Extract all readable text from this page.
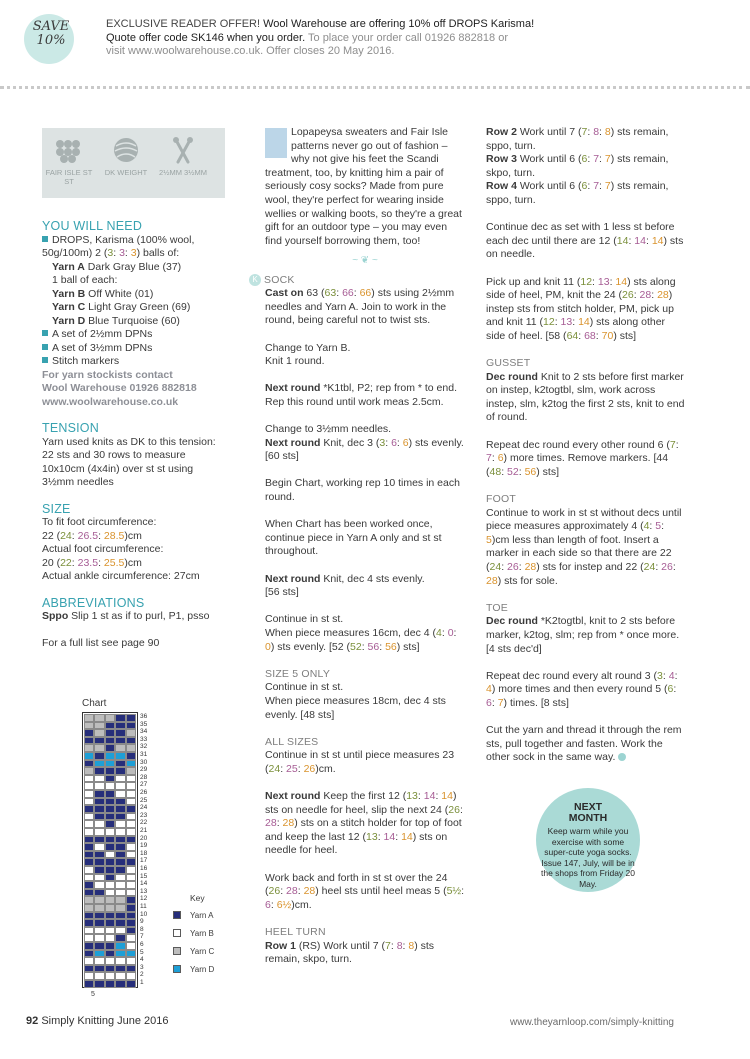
SAVE
10%
EXCLUSIVE READER OFFER! Wool Warehouse are offering 10% off DROPS Karisma!
Quote offer code SK146 when you order. To place your order call 01926 882818 or
visit www.woolwarehouse.co.uk. Offer closes 20 May 2016.
FAIR ISLE ST ST
DK WEIGHT	2½MM 3½MM
YOU WILL NEED
DROPS, Karisma (100% wool, 50g/100m) 2 (3: 3: 3) balls of:
Yarn A Dark Gray Blue (37)
1 ball of each:
Yarn B Off White (01)
Yarn C Light Gray Green (69)
Yarn D Blue Turquoise (60)
A set of 2½mm DPNs
A set of 3½mm DPNs
Stitch markers
For yarn stockists contact
Wool Warehouse 01926 882818
www.woolwarehouse.co.uk
TENSION
Yarn used knits as DK to this tension: 22 sts and 30 rows to measure 10x10cm (4x4in) over st st using 3½mm needles
SIZE
To fit foot circumference:
22 (24: 26.5: 28.5)cm
Actual foot circumference:
20 (22: 23.5: 25.5)cm
Actual ankle circumference: 27cm
ABBREVIATIONS
Sppo Slip 1 st as if to purl, P1, psso
For a full list see page 90
Chart
36
35
34
33
32
31
30
29
28
27
26
25
24
23
22
21
20
19
18
17
16
15
14
13
12
11
10
9
8
7
6
5
4
3
2
1
5
Key
Yarn A
Yarn B
Yarn C
Yarn D

Lopapeysa sweaters and Fair Isle patterns never go out of fashion – why not give his feet the Scandi treatment, too, by knitting him a pair of seriously cosy socks? Made from pure wool, they're perfect for wearing inside wellies or walking boots, so they're a great gift for an outdoor type – you may even find yourself borrowing them, too!

~ ❦ ~

K SOCK

Cast on 63 (63: 66: 66) sts using 2½mm needles and Yarn A. Join to work in the round, being careful not to twist sts.

Change to Yarn B.
Knit 1 round.

Next round *K1tbl, P2; rep from * to end.
Rep this round until work meas 2.5cm.

Change to 3½mm needles.
Next round Knit, dec 3 (3: 6: 6) sts evenly. [60 sts]

Begin Chart, working rep 10 times in each round.

When Chart has been worked once, continue piece in Yarn A only and st st throughout.

Next round Knit, dec 4 sts evenly.
[56 sts]

Continue in st st.
When piece measures 16cm, dec 4 (4: 0: 0) sts evenly. [52 (52: 56: 56) sts]

SIZE 5 ONLY

Continue in st st.
When piece measures 18cm, dec 4 sts evenly. [48 sts]

ALL SIZES

Continue in st st until piece measures 23 (24: 25: 26)cm.

Next round Keep the first 12 (13: 14: 14) sts on needle for heel, slip the next 24 (26: 28: 28) sts on a stitch holder for top of foot and keep the last 12 (13: 14: 14) sts on needle for heel.

Work back and forth in st st over the 24 (26: 28: 28) heel sts until heel meas 5 (5½: 6: 6½)cm.

HEEL TURN

Row 1 (RS) Work until 7 (7: 8: 8) sts remain, skpo, turn.

Row 2 Work until 7 (7: 8: 8) sts remain, sppo, turn.

Row 3 Work until 6 (6: 7: 7) sts remain, skpo, turn.

Row 4 Work until 6 (6: 7: 7) sts remain, sppo, turn.

Continue dec as set with 1 less st before each dec until there are 12 (14: 14: 14) sts on needle.

Pick up and knit 11 (12: 13: 14) sts along side of heel, PM, knit the 24 (26: 28: 28) instep sts from stitch holder, PM, pick up and knit 11 (12: 13: 14) sts along other side of heel. [58 (64: 68: 70) sts]

GUSSET

Dec round Knit to 2 sts before first marker on instep, k2togtbl, slm, work across instep, slm, k2tog the first 2 sts, knit to end of round.

Repeat dec round every other round 6 (7: 7: 6) more times. Remove markers. [44 (48: 52: 56) sts]

FOOT

Continue to work in st st without decs until piece measures approximately 4 (4: 5: 5)cm less than length of foot. Insert a marker in each side so that there are 22 (24: 26: 28) sts for instep and 22 (24: 26: 28) sts for sole.

TOE

Dec round *K2togtbl, knit to 2 sts before marker, k2tog, slm; rep from * once more. [4 sts dec'd]

Repeat dec round every alt round 3 (3: 4: 4) more times and then every round 5 (6: 6: 7) times. [8 sts]

Cut the yarn and thread it through the rem sts, pull together and fasten. Work the other sock in the same way.

NEXT
MONTH
Keep warm while you exercise with some super-cute yoga socks. Issue 147, July, will be in the shops from Friday 20 May.
92 Simply Knitting June 2016	www.theyarnloop.com/simply-knitting
